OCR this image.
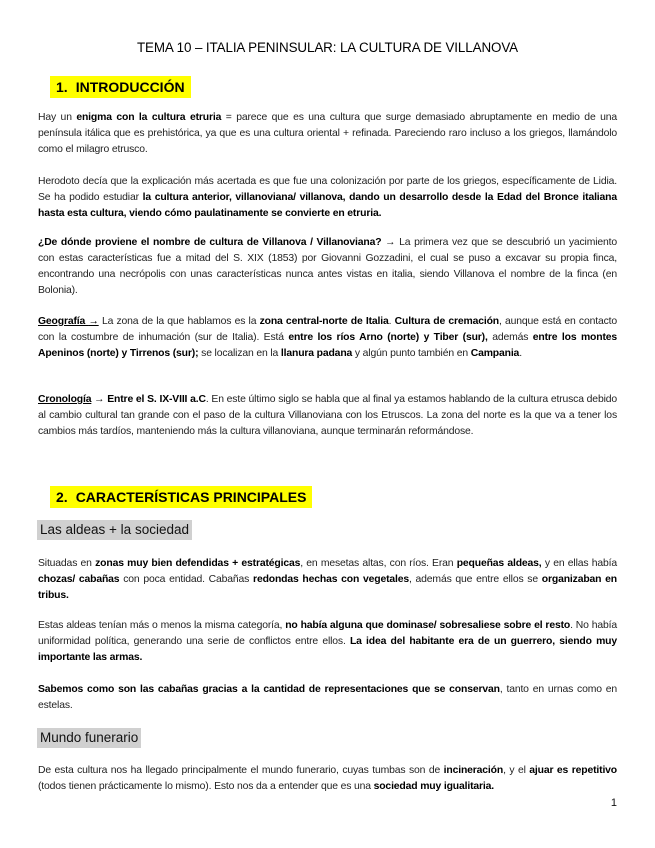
TEMA 10 – ITALIA PENINSULAR: LA CULTURA DE VILLANOVA
1. INTRODUCCIÓN
Hay un enigma con la cultura etruria = parece que es una cultura que surge demasiado abruptamente en medio de una península itálica que es prehistórica, ya que es una cultura oriental + refinada. Pareciendo raro incluso a los griegos, llamándolo como el milagro etrusco.
Herodoto decía que la explicación más acertada es que fue una colonización por parte de los griegos, específicamente de Lidia. Se ha podido estudiar la cultura anterior, villanoviana/ villanova, dando un desarrollo desde la Edad del Bronce italiana hasta esta cultura, viendo cómo paulatinamente se convierte en etruria.
¿De dónde proviene el nombre de cultura de Villanova / Villanoviana? → La primera vez que se descubrió un yacimiento con estas características fue a mitad del S. XIX (1853) por Giovanni Gozzadini, el cual se puso a excavar su propia finca, encontrando una necrópolis con unas características nunca antes vistas en italia, siendo Villanova el nombre de la finca (en Bolonia).
Geografía → La zona de la que hablamos es la zona central-norte de Italia. Cultura de cremación, aunque está en contacto con la costumbre de inhumación (sur de Italia). Está entre los ríos Arno (norte) y Tiber (sur), además entre los montes Apeninos (norte) y Tirrenos (sur); se localizan en la llanura padana y algún punto también en Campania.
Cronología → Entre el S. IX-VIII a.C. En este último siglo se habla que al final ya estamos hablando de la cultura etrusca debido al cambio cultural tan grande con el paso de la cultura Villanoviana con los Etruscos. La zona del norte es la que va a tener los cambios más tardíos, manteniendo más la cultura villanoviana, aunque terminarán reformándose.
2. CARACTERÍSTICAS PRINCIPALES
Las aldeas + la sociedad
Situadas en zonas muy bien defendidas + estratégicas, en mesetas altas, con ríos. Eran pequeñas aldeas, y en ellas había chozas/ cabañas con poca entidad. Cabañas redondas hechas con vegetales, además que entre ellos se organizaban en tribus.
Estas aldeas tenían más o menos la misma categoría, no había alguna que dominase/ sobresaliese sobre el resto. No había uniformidad política, generando una serie de conflictos entre ellos. La idea del habitante era de un guerrero, siendo muy importante las armas.
Sabemos como son las cabañas gracias a la cantidad de representaciones que se conservan, tanto en urnas como en estelas.
Mundo funerario
De esta cultura nos ha llegado principalmente el mundo funerario, cuyas tumbas son de incineración, y el ajuar es repetitivo (todos tienen prácticamente lo mismo). Esto nos da a entender que es una sociedad muy igualitaria.
1
